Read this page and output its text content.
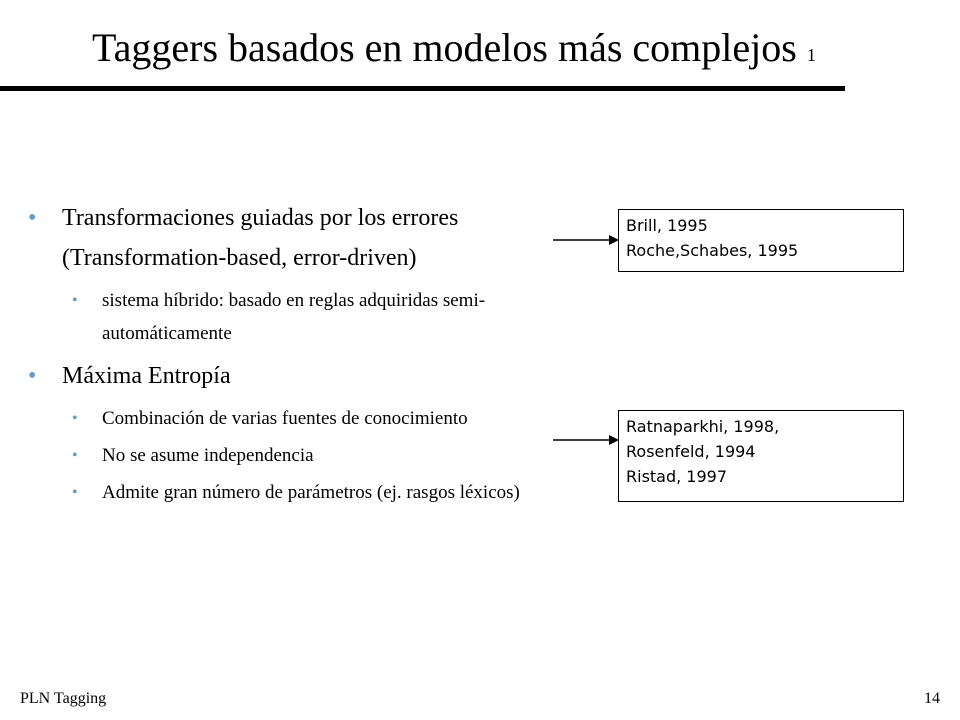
Taggers basados en modelos más complejos 1
• Transformaciones guiadas por los errores (Transformation-based, error-driven)
• sistema híbrido: basado en reglas adquiridas semi-automáticamente
• Máxima Entropía
• Combinación de varias fuentes de conocimiento
• No se asume independencia
• Admite gran número de parámetros (ej. rasgos léxicos)
Brill, 1995
Roche,Schabes, 1995
Ratnaparkhi, 1998,
Rosenfeld, 1994
Ristad, 1997
PLN Tagging	14
